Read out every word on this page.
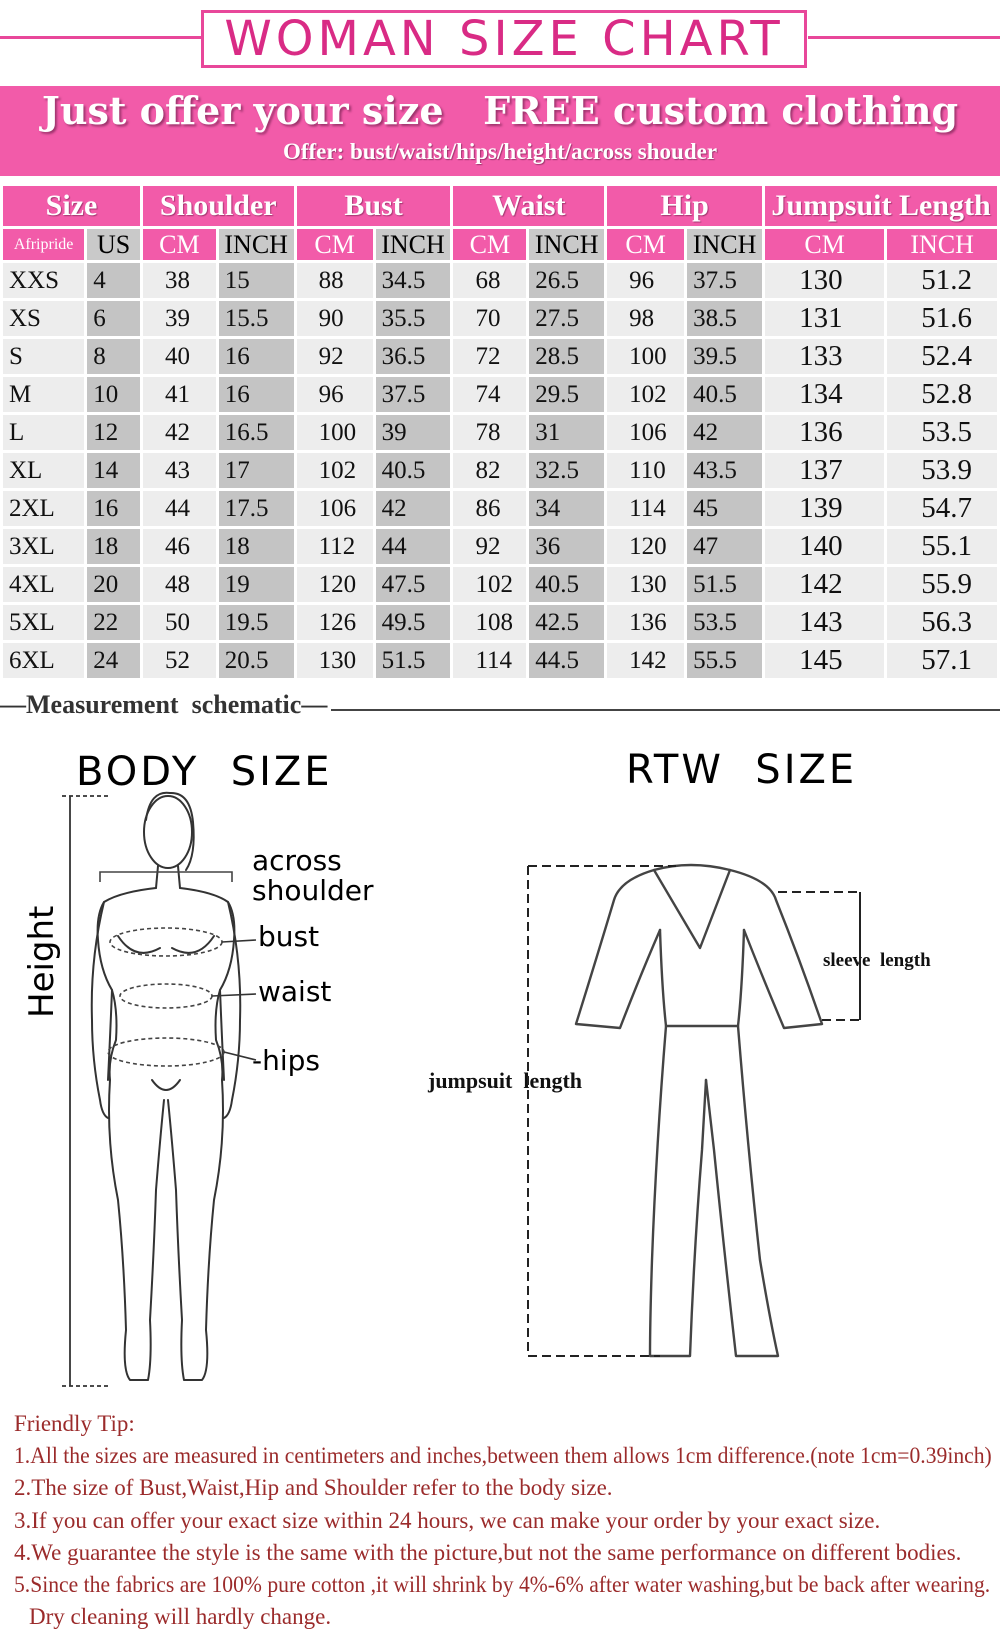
WOMAN SIZE CHART
Just offer your size   FREE custom clothing
Offer: bust/waist/hips/height/across shouder
Size		Shoulder		Bust		Waist		Hip		Jumpsuit Length	
Afripride	US	CM	INCH	CM	INCH	CM	INCH	CM	INCH	CM	INCH
XXS	4	38	15	88	34.5	68	26.5	96	37.5	130	51.2
XS	6	39	15.5	90	35.5	70	27.5	98	38.5	131	51.6
S	8	40	16	92	36.5	72	28.5	100	39.5	133	52.4
M	10	41	16	96	37.5	74	29.5	102	40.5	134	52.8
L	12	42	16.5	100	39	78	31	106	42	136	53.5
XL	14	43	17	102	40.5	82	32.5	110	43.5	137	53.9
2XL	16	44	17.5	106	42	86	34	114	45	139	54.7
3XL	18	46	18	112	44	92	36	120	47	140	55.1
4XL	20	48	19	120	47.5	102	40.5	130	51.5	142	55.9
5XL	22	50	19.5	126	49.5	108	42.5	136	53.5	143	56.3
6XL	24	52	20.5	130	51.5	114	44.5	142	55.5	145	57.1
—Measurement  schematic—
BODY  SIZE	RTW  SIZE
across
shoulder
bust
waist
-hips
Height	sleeve  length
jumpsuit  length
Friendly Tip:
1.All the sizes are measured in centimeters and inches,between them allows 1cm difference.(note 1cm=0.39inch)
2.The size of Bust,Waist,Hip and Shoulder refer to the body size.
3.If you can offer your exact size within 24 hours, we can make your order by your exact size.
4.We guarantee the style is the same with the picture,but not the same performance on different bodies.
5.Since the fabrics are 100% pure cotton ,it will shrink by 4%-6% after water washing,but be back after wearing.
Dry cleaning will hardly change.
